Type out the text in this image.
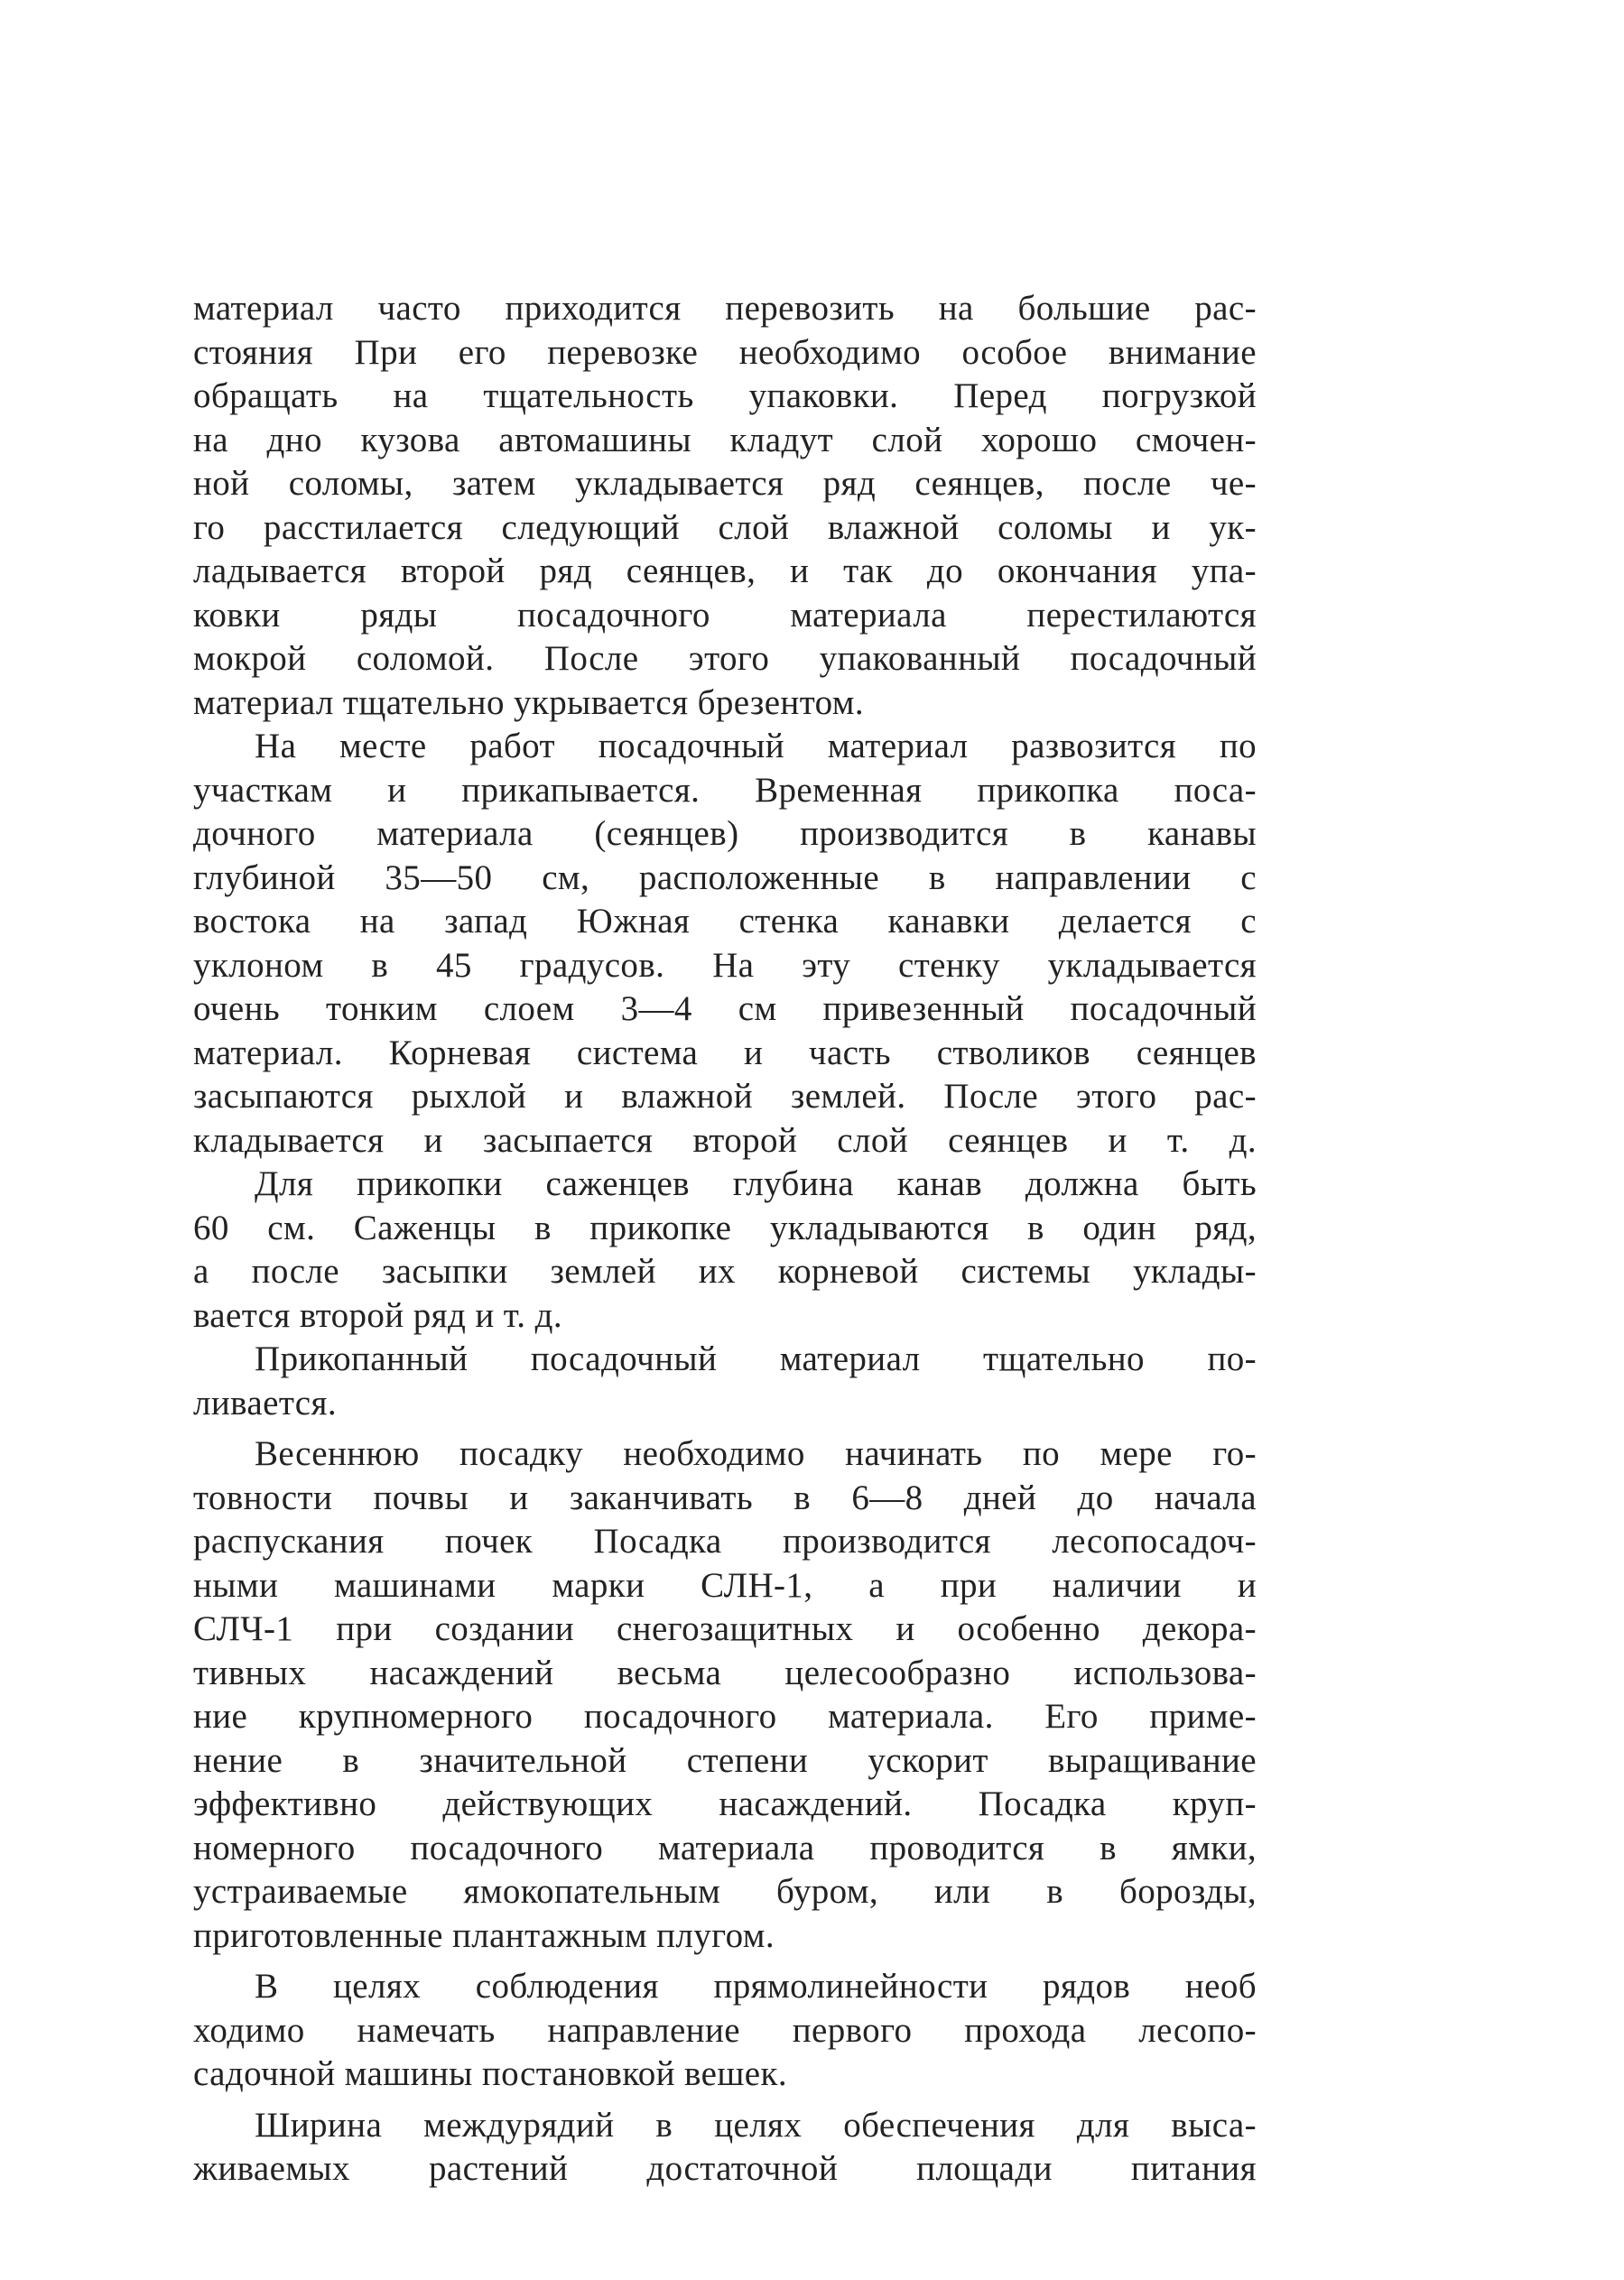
материал часто приходится перевозить на большие рас-
стояния При его перевозке необходимо особое внимание
обращать на тщательность упаковки. Перед погрузкой
на дно кузова автомашины кладут слой хорошо смочен-
ной соломы, затем укладывается ряд сеянцев, после че-
го расстилается следующий слой влажной соломы и ук-
ладывается второй ряд сеянцев, и так до окончания упа-
ковки ряды посадочного материала перестилаются
мокрой соломой. После этого упакованный посадочный
материал тщательно укрывается брезентом.
На месте работ посадочный материал развозится по
участкам и прикапывается. Временная прикопка поса-
дочного материала (сеянцев) производится в канавы
глубиной 35—50 см, расположенные в направлении с
востока на запад Южная стенка канавки делается с
уклоном в 45 градусов. На эту стенку укладывается
очень тонким слоем 3—4 см привезенный посадочный
материал. Корневая система и часть стволиков сеянцев
засыпаются рыхлой и влажной землей. После этого рас-
кладывается и засыпается второй слой сеянцев и т. д.
Для прикопки саженцев глубина канав должна быть
60 см. Саженцы в прикопке укладываются в один ряд,
а после засыпки землей их корневой системы уклады-
вается второй ряд и т. д.
Прикопанный посадочный материал тщательно по-
ливается.
Весеннюю посадку необходимо начинать по мере го-
товности почвы и заканчивать в 6—8 дней до начала
распускания почек Посадка производится лесопосадоч-
ными машинами марки СЛН-1, а при наличии и
СЛЧ-1 при создании снегозащитных и особенно декора-
тивных насаждений весьма целесообразно использова-
ние крупномерного посадочного материала. Его приме-
нение в значительной степени ускорит выращивание
эффективно действующих насаждений. Посадка круп-
номерного посадочного материала проводится в ямки,
устраиваемые ямокопательным буром, или в борозды,
приготовленные плантажным плугом.
В целях соблюдения прямолинейности рядов необ
ходимо намечать направление первого прохода лесопо-
садочной машины постановкой вешек.
Ширина междурядий в целях обеспечения для выса-
живаемых растений достаточной площади питания
